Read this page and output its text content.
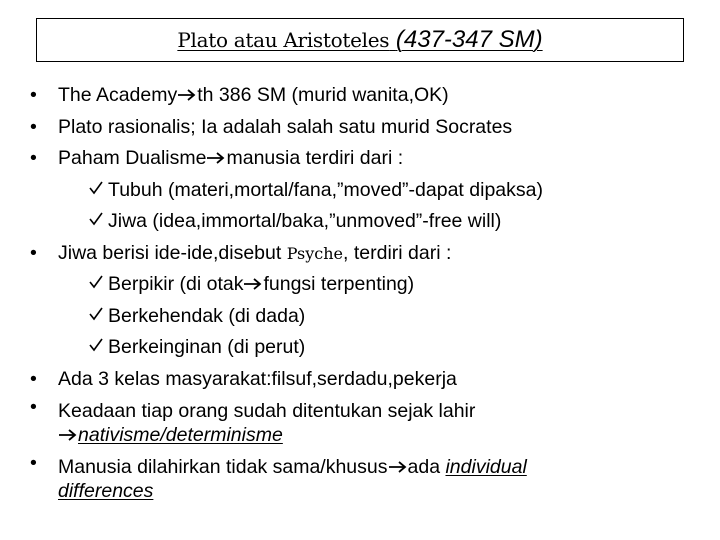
Plato atau Aristoteles (437-347 SM)
• The Academy th 386 SM (murid wanita,OK)
• Plato rasionalis; Ia adalah salah satu murid Socrates
• Paham Dualisme manusia terdiri dari :
Tubuh (materi,mortal/fana,”moved”-dapat dipaksa)
Jiwa (idea,immortal/baka,”unmoved”-free will)
• Jiwa berisi ide-ide,disebut Psyche, terdiri dari :
Berpikir (di otak fungsi terpenting)
Berkehendak (di dada)
Berkeinginan (di perut)
• Ada 3 kelas masyarakat:filsuf,serdadu,pekerja
• Keadaan tiap orang sudah ditentukan sejak lahir
nativisme/determinisme
• Manusia dilahirkan tidak sama/khusus ada individual
differences
